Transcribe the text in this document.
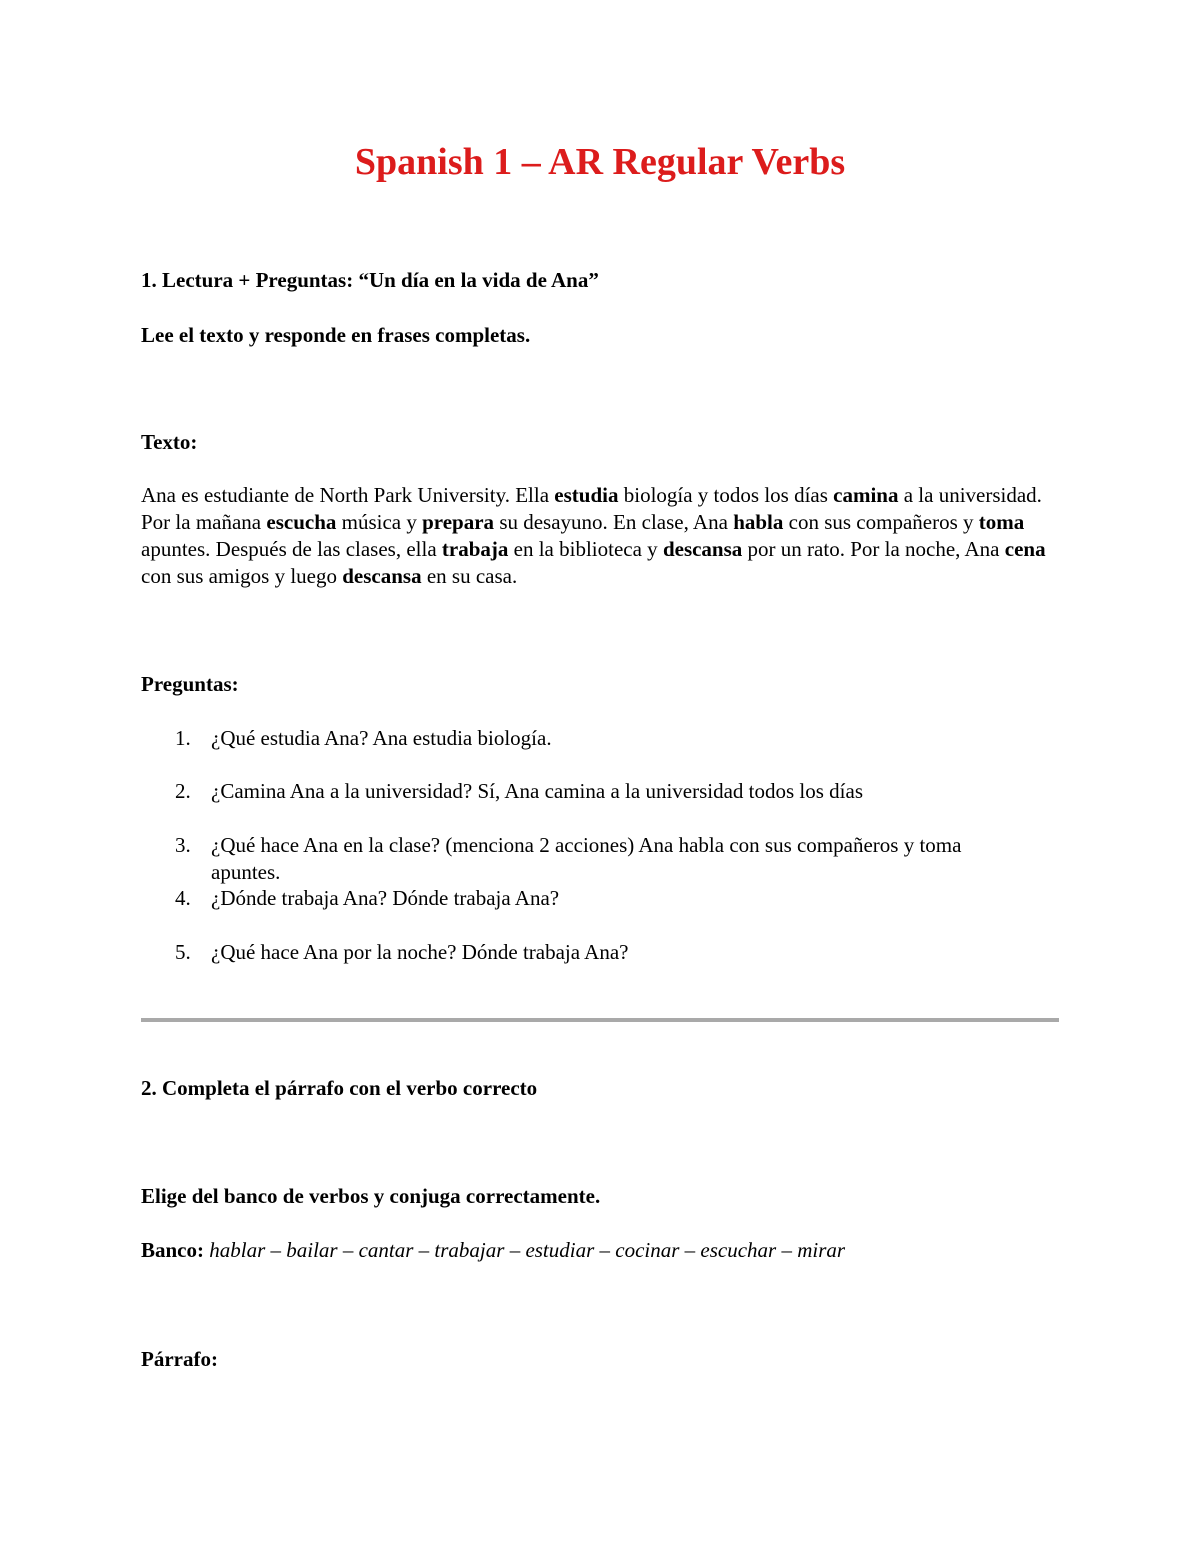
Spanish 1 – AR Regular Verbs
1. Lectura + Preguntas: “Un día en la vida de Ana”
Lee el texto y responde en frases completas.
Texto:

Ana es estudiante de North Park University. Ella estudia biología y todos los días camina a la universidad. Por la mañana escucha música y prepara su desayuno. En clase, Ana habla con sus compañeros y toma apuntes. Después de las clases, ella trabaja en la biblioteca y descansa por un rato. Por la noche, Ana cena con sus amigos y luego descansa en su casa.

Preguntas:
1. ¿Qué estudia Ana? Ana estudia biología.
2. ¿Camina Ana a la universidad? Sí, Ana camina a la universidad todos los días
3. ¿Qué hace Ana en la clase? (menciona 2 acciones) Ana habla con sus compañeros y toma apuntes.
4. ¿Dónde trabaja Ana? Dónde trabaja Ana?
5. ¿Qué hace Ana por la noche? Dónde trabaja Ana?
2. Completa el párrafo con el verbo correcto
Elige del banco de verbos y conjuga correctamente.
Banco: hablar – bailar – cantar – trabajar – estudiar – cocinar – escuchar – mirar
Párrafo:
